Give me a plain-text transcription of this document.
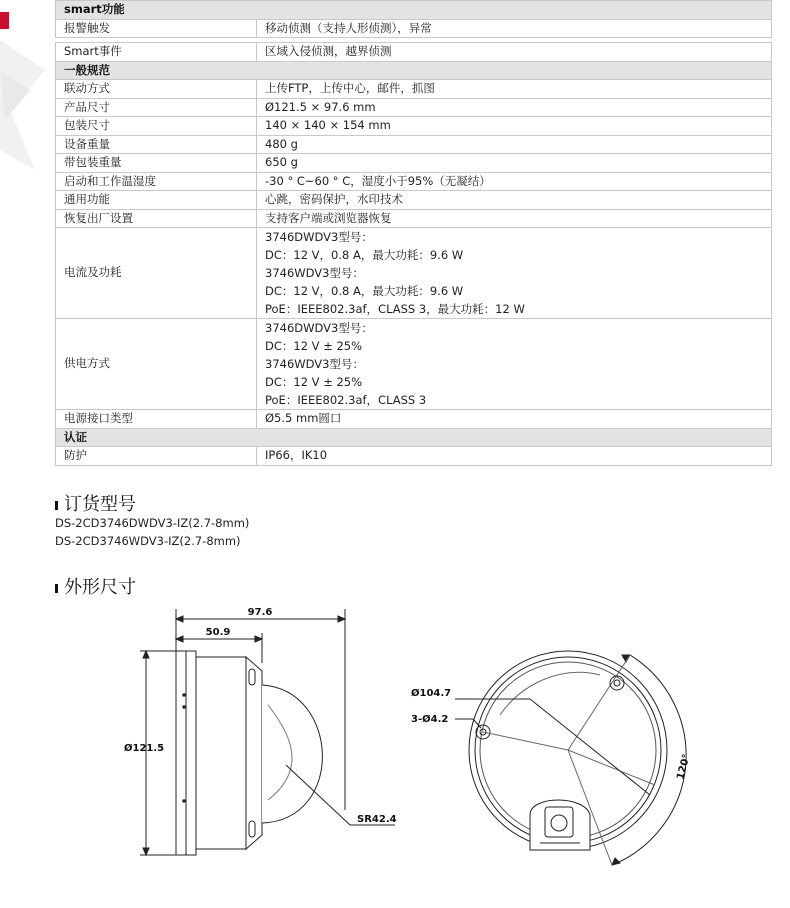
smart功能	
报警触发	移动侦测（支持人形侦测），异常

Smart事件	区域入侵侦测，越界侦测
一般规范	
联动方式	上传FTP，上传中心，邮件，抓图
产品尺寸	Ø121.5 × 97.6 mm
包装尺寸	140 × 140 × 154 mm
设备重量	480 g
带包装重量	650 g
启动和工作温湿度	-30 ° C~60 ° C，湿度小于95%（无凝结）
通用功能	心跳，密码保护，水印技术
恢复出厂设置	支持客户端或浏览器恢复
电流及功耗	3746DWDV3型号：
DC：12 V，0.8 A，最大功耗：9.6 W
3746WDV3型号：
DC：12 V，0.8 A，最大功耗：9.6 W
PoE：IEEE802.3af，CLASS 3，最大功耗：12 W

供电方式	3746DWDV3型号：
DC：12 V ± 25%
3746WDV3型号：
DC：12 V ± 25%
PoE：IEEE802.3af，CLASS 3

电源接口类型	Ø5.5 mm圆口
认证	
防护	IP66，IK10
订货型号
DS-2CD3746DWDV3-IZ(2.7-8mm)
DS-2CD3746WDV3-IZ(2.7-8mm)
外形尺寸
97.6
50.9
Ø121.5
SR42.4
Ø104.7
3-Ø4.2
120°
